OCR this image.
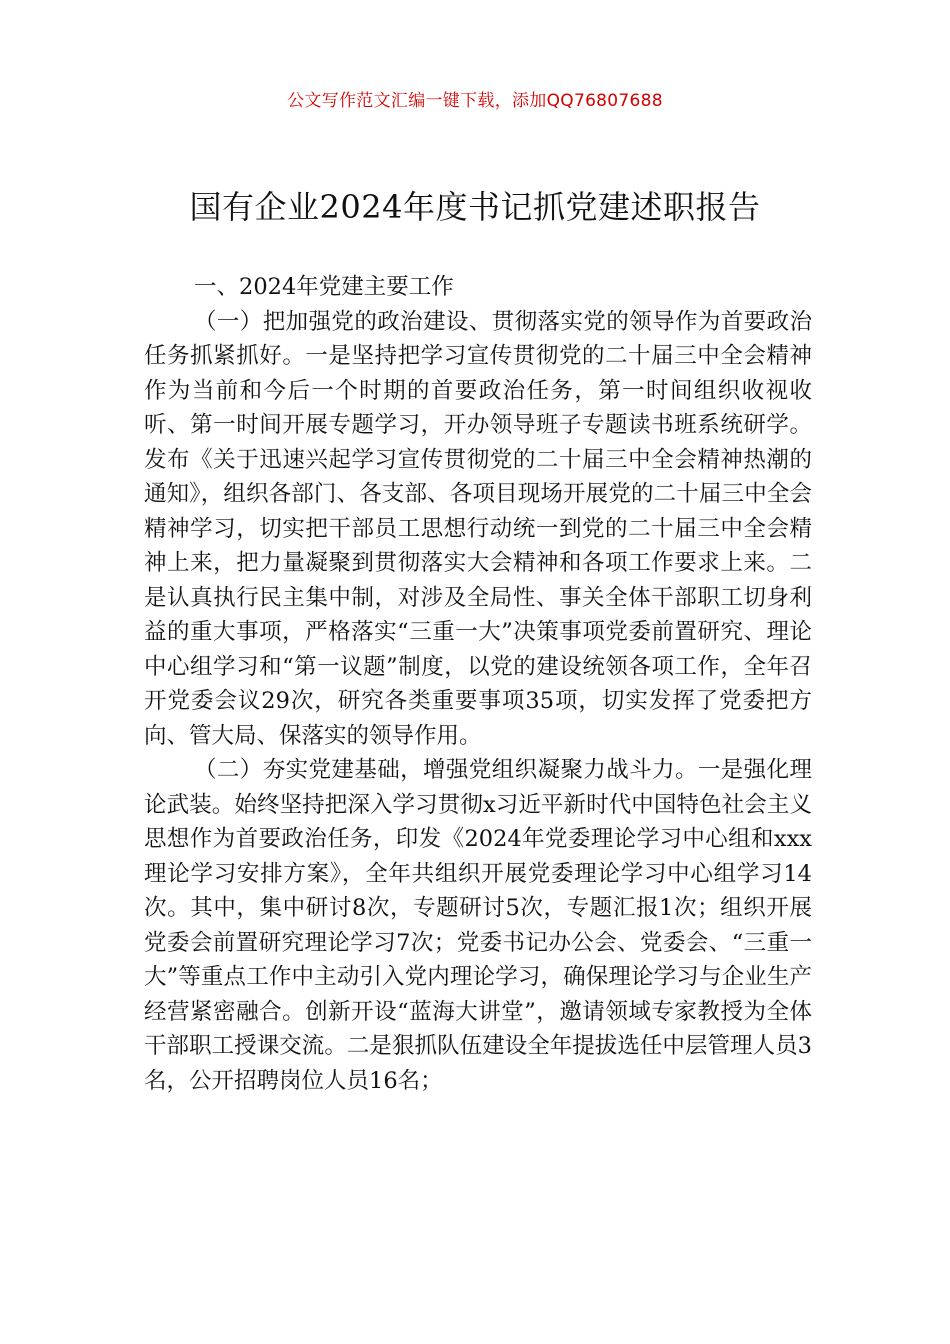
公文写作范文汇编一键下载，添加QQ76807688
国有企业2024年度书记抓党建述职报告

一、2024年党建主要工作

（一）把加强党的政治建设、贯彻落实党的领导作为首要政治任务抓紧抓好。一是坚持把学习宣传贯彻党的二十届三中全会精神作为当前和今后一个时期的首要政治任务，第一时间组织收视收听、第一时间开展专题学习，开办领导班子专题读书班系统研学。发布《关于迅速兴起学习宣传贯彻党的二十届三中全会精神热潮的通知》，组织各部门、各支部、各项目现场开展党的二十届三中全会精神学习，切实把干部员工思想行动统一到党的二十届三中全会精神上来，把力量凝聚到贯彻落实大会精神和各项工作要求上来。二是认真执行民主集中制，对涉及全局性、事关全体干部职工切身利益的重大事项，严格落实“三重一大”决策事项党委前置研究、理论中心组学习和“第一议题”制度，以党的建设统领各项工作，全年召开党委会议29次，研究各类重要事项35项，切实发挥了党委把方向、管大局、保落实的领导作用。

（二）夯实党建基础，增强党组织凝聚力战斗力。一是强化理论武装。始终坚持把深入学习贯彻x习近平新时代中国特色社会主义思想作为首要政治任务，印发《2024年党委理论学习中心组和xxx理论学习安排方案》，全年共组织开展党委理论学习中心组学习14次。其中，集中研讨8次，专题研讨5次，专题汇报1次；组织开展党委会前置研究理论学习7次；党委书记办公会、党委会、“三重一大”等重点工作中主动引入党内理论学习，确保理论学习与企业生产经营紧密融合。创新开设“蓝海大讲堂”，邀请领域专家教授为全体干部职工授课交流。二是狠抓队伍建设全年提拔选任中层管理人员3名，公开招聘岗位人员16名；
